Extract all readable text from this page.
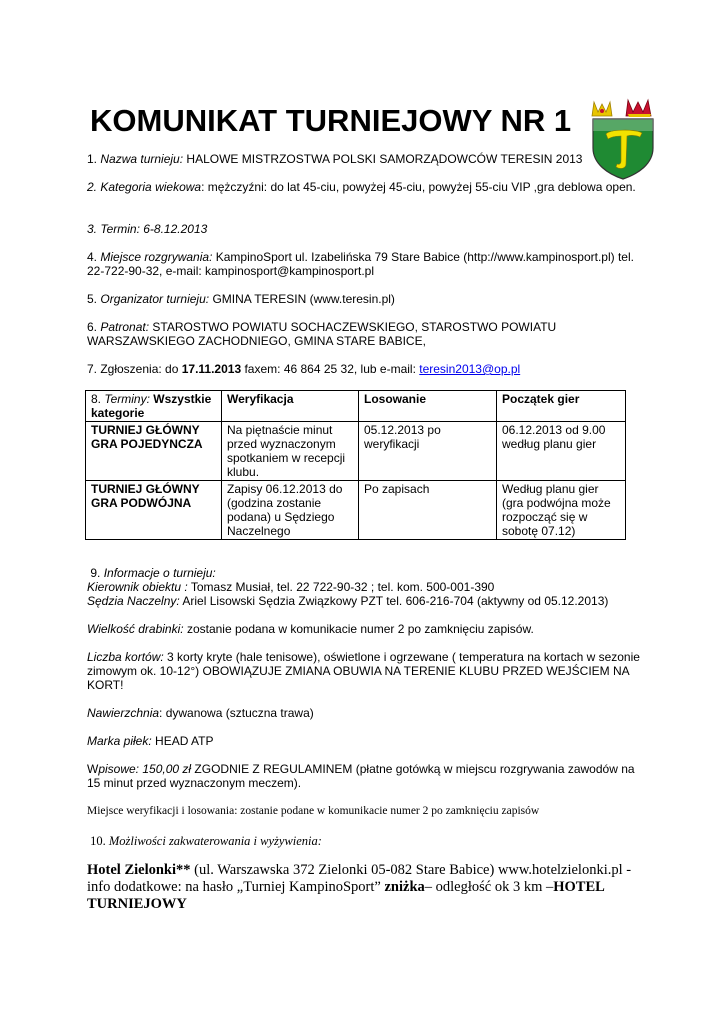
KOMUNIKAT TURNIEJOWY NR 1
1. Nazwa turnieju: HALOWE MISTRZOSTWA POLSKI SAMORZĄDOWCÓW TERESIN 2013
2. Kategoria wiekowa: mężczyźni: do lat 45-ciu, powyżej 45-ciu, powyżej 55-ciu VIP ,gra deblowa open.
3. Termin: 6-8.12.2013
4. Miejsce rozgrywania: KampinoSport ul. Izabelińska 79 Stare Babice (http://www.kampinosport.pl) tel. 22-722-90-32, e-mail: kampinosport@kampinosport.pl
5. Organizator turnieju: GMINA TERESIN (www.teresin.pl)
6. Patronat: STAROSTWO POWIATU SOCHACZEWSKIEGO, STAROSTWO POWIATU WARSZAWSKIEGO ZACHODNIEGO, GMINA STARE BABICE,
7. Zgłoszenia: do 17.11.2013 faxem: 46 864 25 32, lub e-mail: teresin2013@op.pl
8. Terminy: Wszystkie kategorie	Weryfikacja	Losowanie	Początek gier
TURNIEJ GŁÓWNY GRA POJEDYNCZA	Na piętnaście minut przed wyznaczonym spotkaniem w recepcji klubu.	05.12.2013 po weryfikacji	06.12.2013 od 9.00 według planu gier
TURNIEJ GŁÓWNY GRA PODWÓJNA	Zapisy 06.12.2013 do (godzina zostanie podana) u Sędziego Naczelnego	Po zapisach	Według planu gier (gra podwójna może rozpocząć się w sobotę 07.12)
9. Informacje o turnieju:
Kierownik obiektu : Tomasz Musiał, tel. 22 722-90-32 ; tel. kom. 500-001-390
Sędzia Naczelny: Ariel Lisowski Sędzia Związkowy PZT tel. 606-216-704 (aktywny od 05.12.2013)
Wielkość drabinki: zostanie podana w komunikacie numer 2 po zamknięciu zapisów.
Liczba kortów: 3 korty kryte (hale tenisowe), oświetlone i ogrzewane ( temperatura na kortach w sezonie zimowym ok. 10-12°) OBOWIĄZUJE ZMIANA OBUWIA NA TERENIE KLUBU PRZED WEJŚCIEM NA KORT!
Nawierzchnia: dywanowa (sztuczna trawa)
Marka piłek: HEAD ATP
Wpisowe: 150,00 zł ZGODNIE Z REGULAMINEM (płatne gotówką w miejscu rozgrywania zawodów na 15 minut przed wyznaczonym meczem).
Miejsce weryfikacji i losowania: zostanie podane w komunikacie numer 2 po zamknięciu zapisów
10. Możliwości zakwaterowania i wyżywienia:
Hotel Zielonki** (ul. Warszawska 372 Zielonki 05-082 Stare Babice) www.hotelzielonki.pl - info dodatkowe: na hasło „Turniej KampinoSport” zniżka– odległość ok 3 km –HOTEL TURNIEJOWY
